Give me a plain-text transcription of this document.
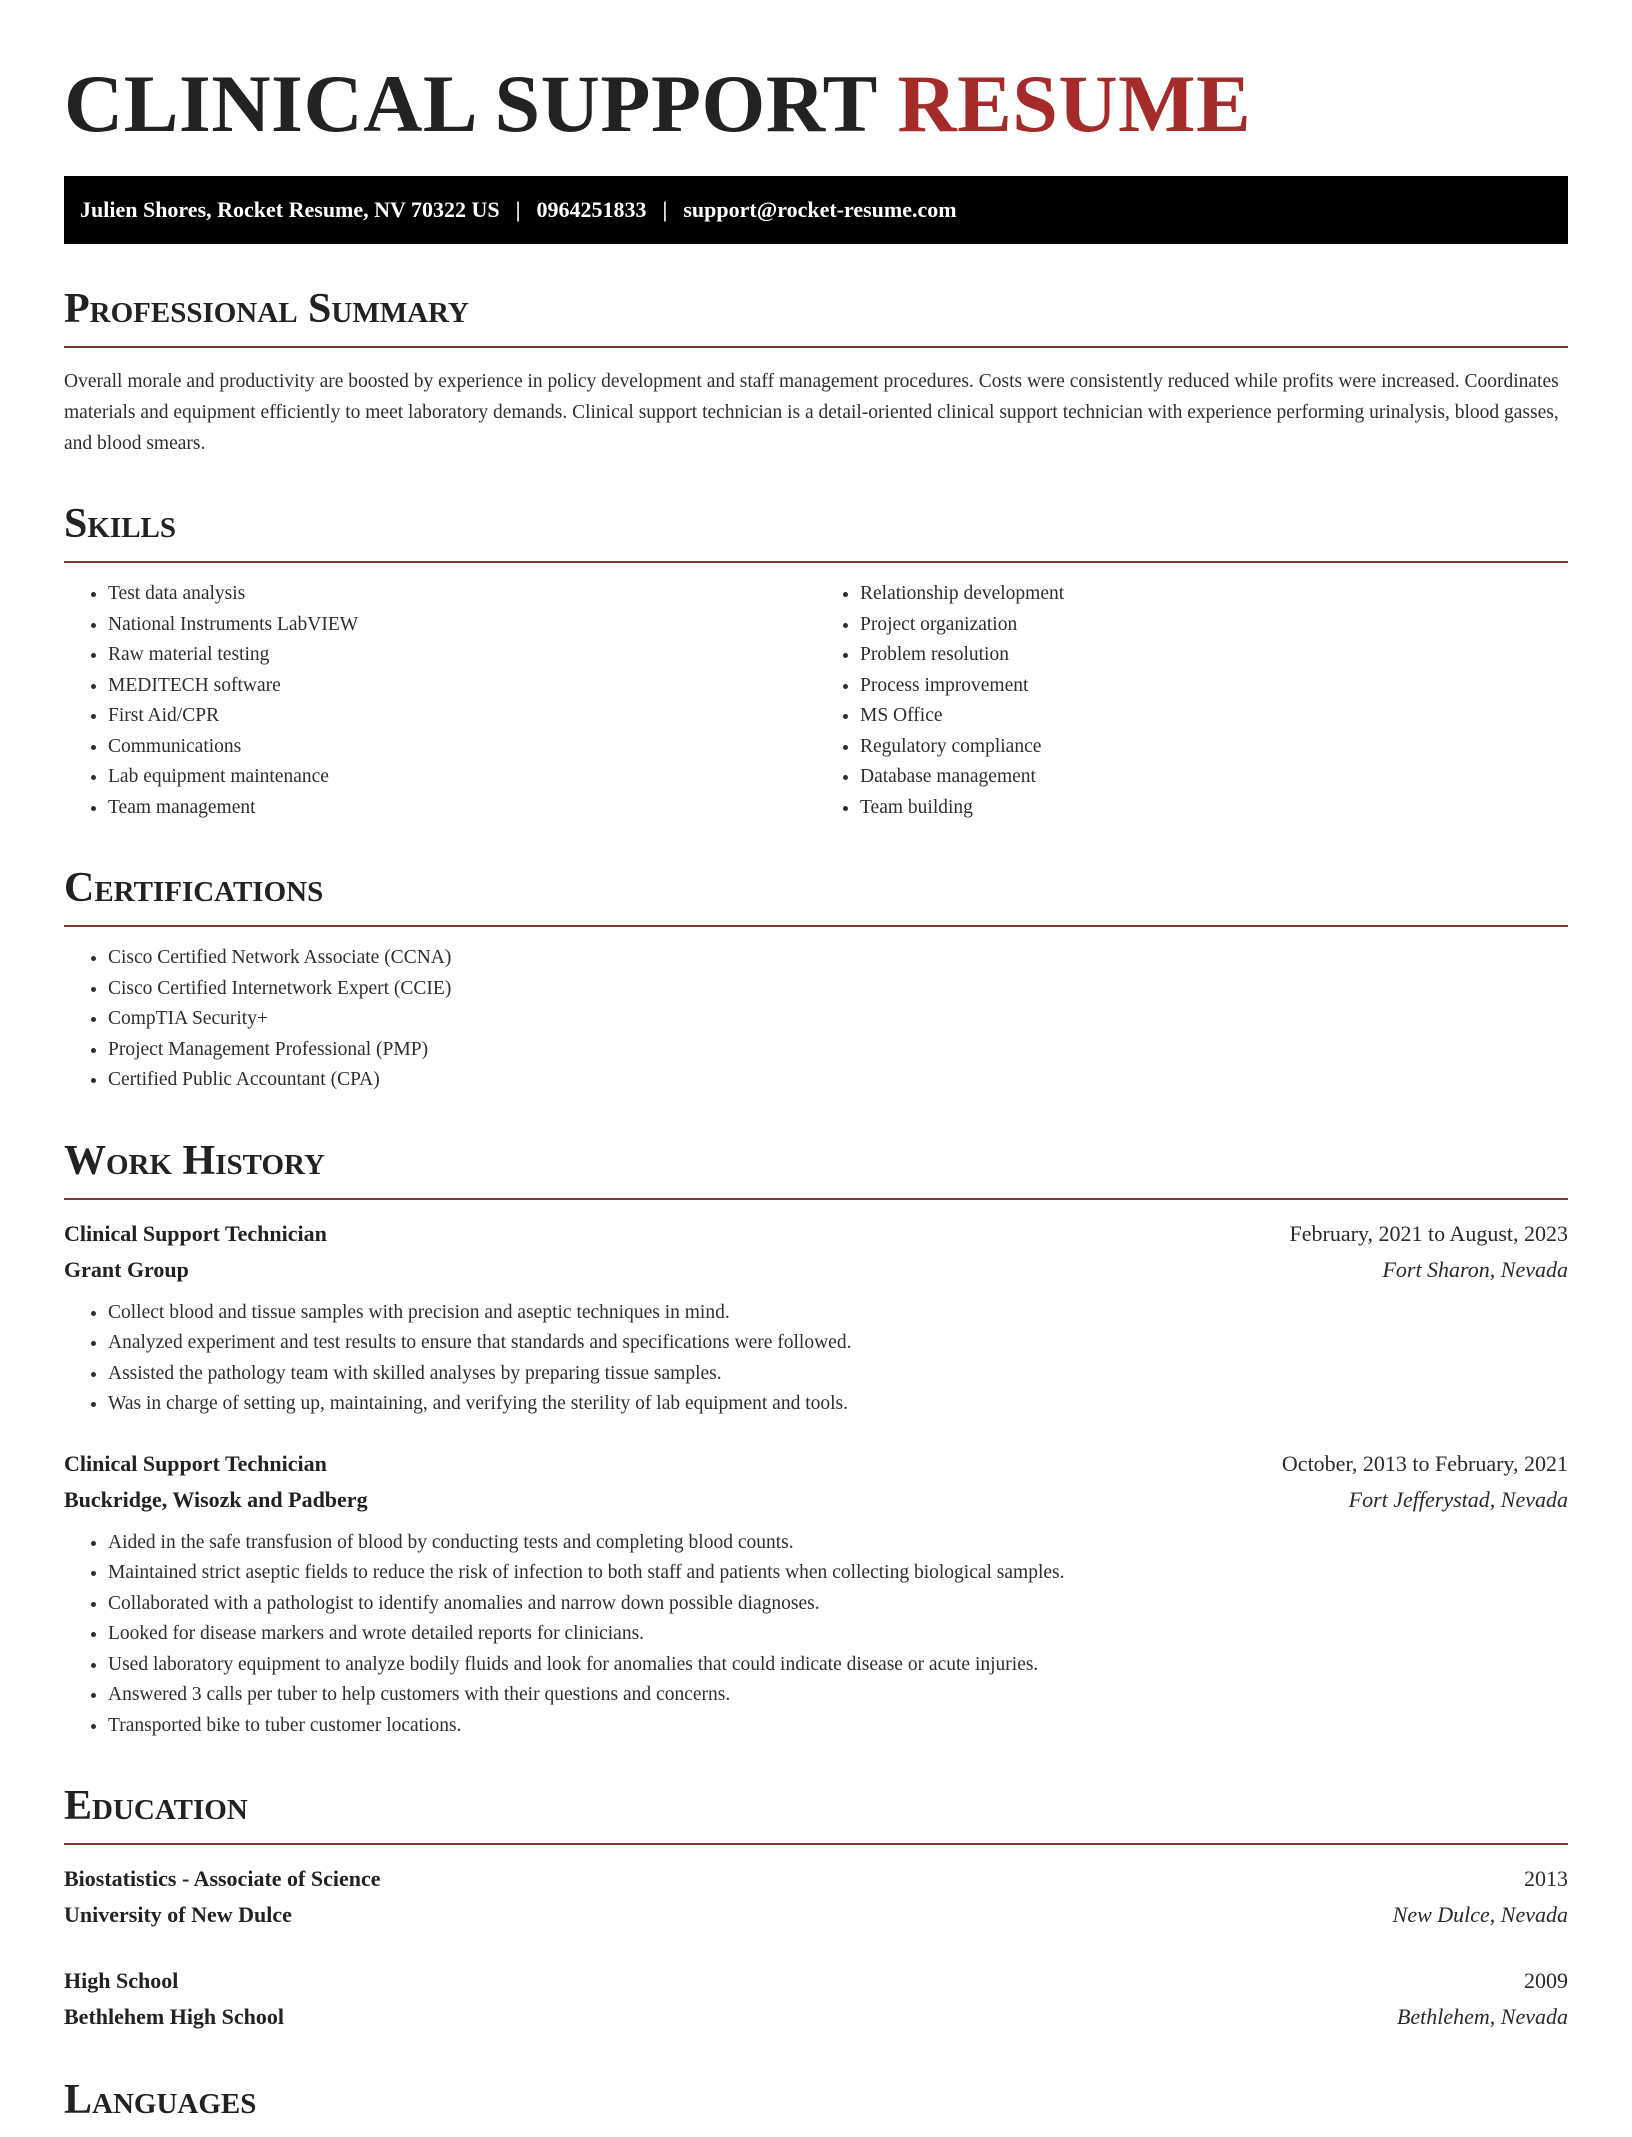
CLINICAL SUPPORT RESUME
Julien Shores, Rocket Resume, NV 70322 US | 0964251833 | support@rocket-resume.com
Professional Summary

Overall morale and productivity are boosted by experience in policy development and staff management procedures. Costs were consistently reduced while profits were increased. Coordinates materials and equipment efficiently to meet laboratory demands. Clinical support technician is a detail-oriented clinical support technician with experience performing urinalysis, blood gasses, and blood smears.

Skills
• Test data analysis
• National Instruments LabVIEW
• Raw material testing
• MEDITECH software
• First Aid/CPR
• Communications
• Lab equipment maintenance
• Team management
• Relationship development
• Project organization
• Problem resolution
• Process improvement
• MS Office
• Regulatory compliance
• Database management
• Team building
Certifications
• Cisco Certified Network Associate (CCNA)
• Cisco Certified Internetwork Expert (CCIE)
• CompTIA Security+
• Project Management Professional (PMP)
• Certified Public Accountant (CPA)
Work History
Clinical Support Technician	February, 2021 to August, 2023
Grant Group	Fort Sharon, Nevada
• Collect blood and tissue samples with precision and aseptic techniques in mind.
• Analyzed experiment and test results to ensure that standards and specifications were followed.
• Assisted the pathology team with skilled analyses by preparing tissue samples.
• Was in charge of setting up, maintaining, and verifying the sterility of lab equipment and tools.
Clinical Support Technician	October, 2013 to February, 2021
Buckridge, Wisozk and Padberg	Fort Jefferystad, Nevada
• Aided in the safe transfusion of blood by conducting tests and completing blood counts.
• Maintained strict aseptic fields to reduce the risk of infection to both staff and patients when collecting biological samples.
• Collaborated with a pathologist to identify anomalies and narrow down possible diagnoses.
• Looked for disease markers and wrote detailed reports for clinicians.
• Used laboratory equipment to analyze bodily fluids and look for anomalies that could indicate disease or acute injuries.
• Answered 3 calls per tuber to help customers with their questions and concerns.
• Transported bike to tuber customer locations.
Education
Biostatistics - Associate of Science	2013
University of New Dulce	New Dulce, Nevada
High School	2009
Bethlehem High School	Bethlehem, Nevada
Languages
